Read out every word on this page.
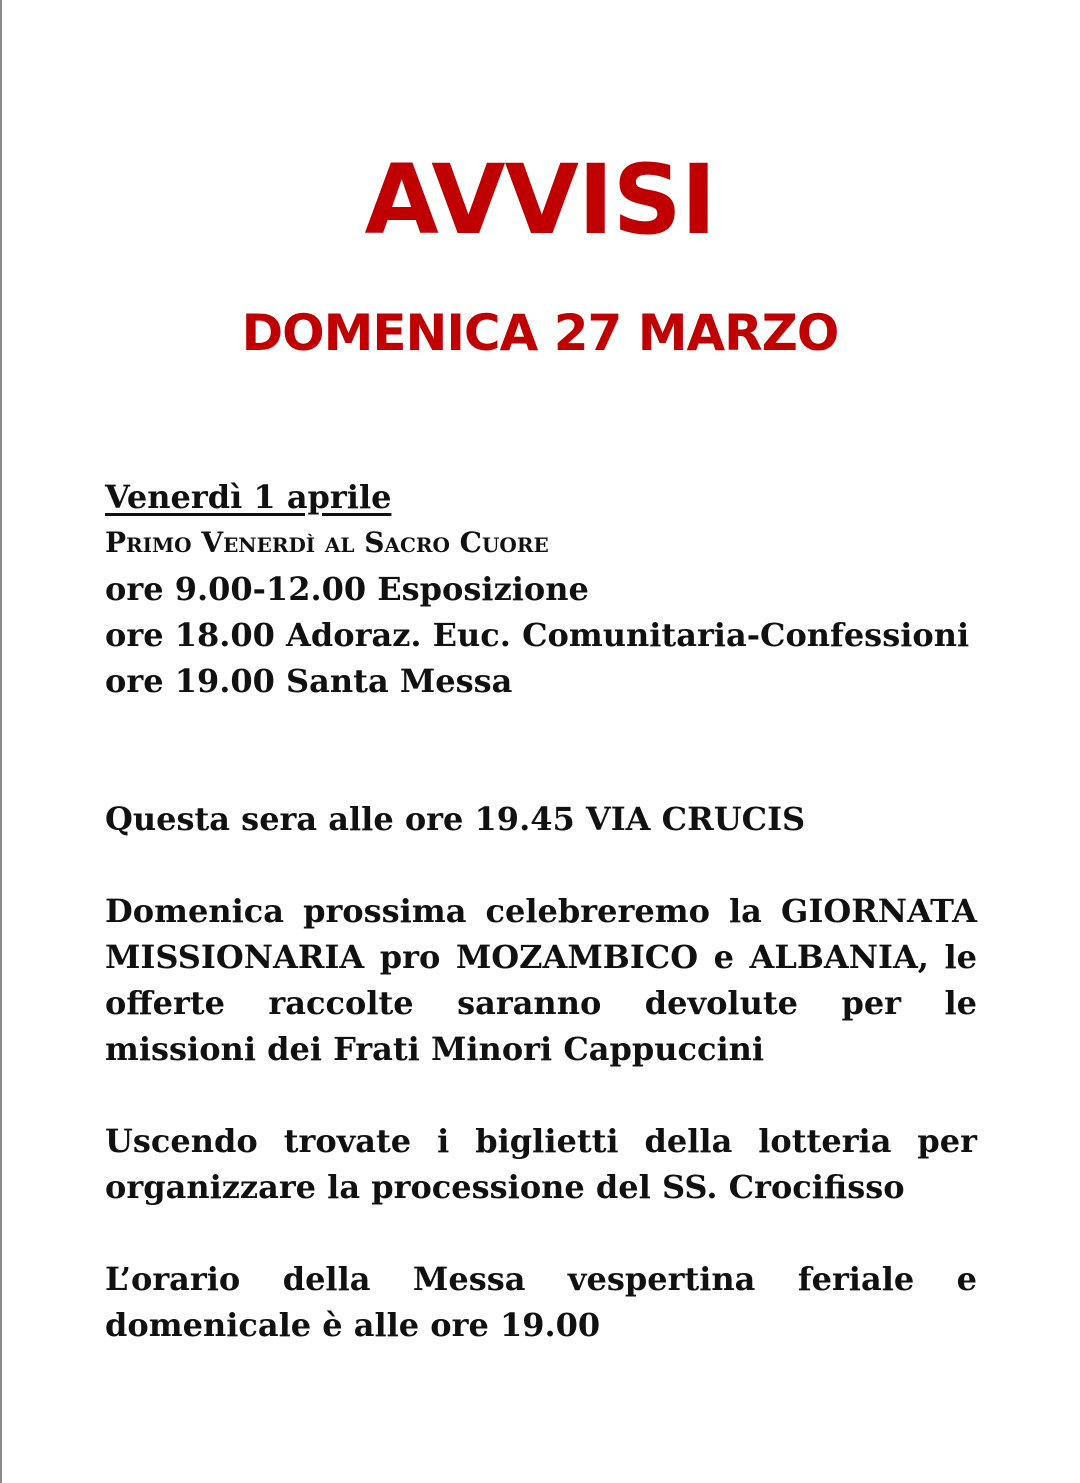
AVVISI
DOMENICA 27 MARZO

Venerdì 1 aprile

Primo Venerdì al Sacro Cuore

ore 9.00-12.00 Esposizione

ore 18.00 Adoraz. Euc. Comunitaria-Confessioni

ore 19.00 Santa Messa

Questa sera alle ore 19.45 VIA CRUCIS

Domenica prossima celebreremo la GIORNATA MISSIONARIA pro MOZAMBICO e ALBANIA, le offerte raccolte saranno devolute per le missioni dei Frati Minori Cappuccini

Uscendo trovate i biglietti della lotteria per organizzare la processione del SS. Crocifisso

L’orario della Messa vespertina feriale e domenicale è alle ore 19.00
